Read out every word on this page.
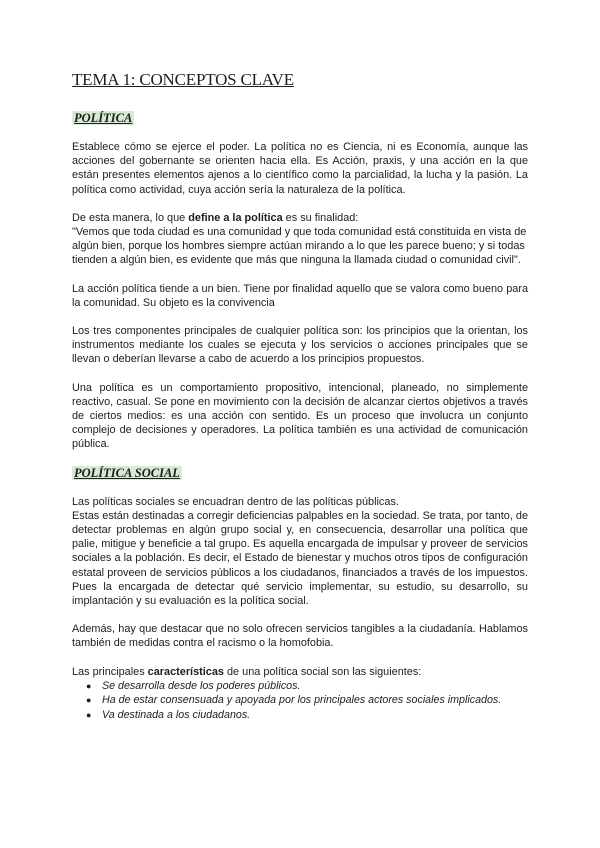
TEMA 1: CONCEPTOS CLAVE
POLÍTICA

Establece cómo se ejerce el poder. La política no es Ciencia, ni es Economía, aunque las acciones del gobernante se orienten hacia ella. Es Acción, praxis, y una acción en la que están presentes elementos ajenos a lo científico como la parcialidad, la lucha y la pasión. La política como actividad, cuya acción sería la naturaleza de la política.

De esta manera, lo que define a la política es su finalidad:
"Vemos que toda ciudad es una comunidad y que toda comunidad está constituida en vista de algún bien, porque los hombres siempre actúan mirando a lo que les parece bueno; y si todas tienden a algún bien, es evidente que más que ninguna la llamada ciudad o comunidad civil".

La acción política tiende a un bien. Tiene por finalidad aquello que se valora como bueno para la comunidad. Su objeto es la convivencia

Los tres componentes principales de cualquier política son: los principios que la orientan, los instrumentos mediante los cuales se ejecuta y los servicios o acciones principales que se llevan o deberían llevarse a cabo de acuerdo a los principios propuestos.

Una política es un comportamiento propositivo, intencional, planeado, no simplemente reactivo, casual. Se pone en movimiento con la decisión de alcanzar ciertos objetivos a través de ciertos medios: es una acción con sentido. Es un proceso que involucra un conjunto complejo de decisiones y operadores. La política también es una actividad de comunicación pública.

POLÍTICA SOCIAL

Las políticas sociales se encuadran dentro de las políticas públicas.

Estas están destinadas a corregir deficiencias palpables en la sociedad. Se trata, por tanto, de detectar problemas en algún grupo social y, en consecuencia, desarrollar una política que palie, mitigue y beneficie a tal grupo. Es aquella encargada de impulsar y proveer de servicios sociales a la población. Es decir, el Estado de bienestar y muchos otros tipos de configuración estatal proveen de servicios públicos a los ciudadanos, financiados a través de los impuestos. Pues la encargada de detectar qué servicio implementar, su estudio, su desarrollo, su implantación y su evaluación es la política social.

Además, hay que destacar que no solo ofrecen servicios tangibles a la ciudadanía. Hablamos también de medidas contra el racismo o la homofobia.

Las principales características de una política social son las siguientes:

● Se desarrolla desde los poderes públicos.
● Ha de estar consensuada y apoyada por los principales actores sociales implicados.
● Va destinada a los ciudadanos.
